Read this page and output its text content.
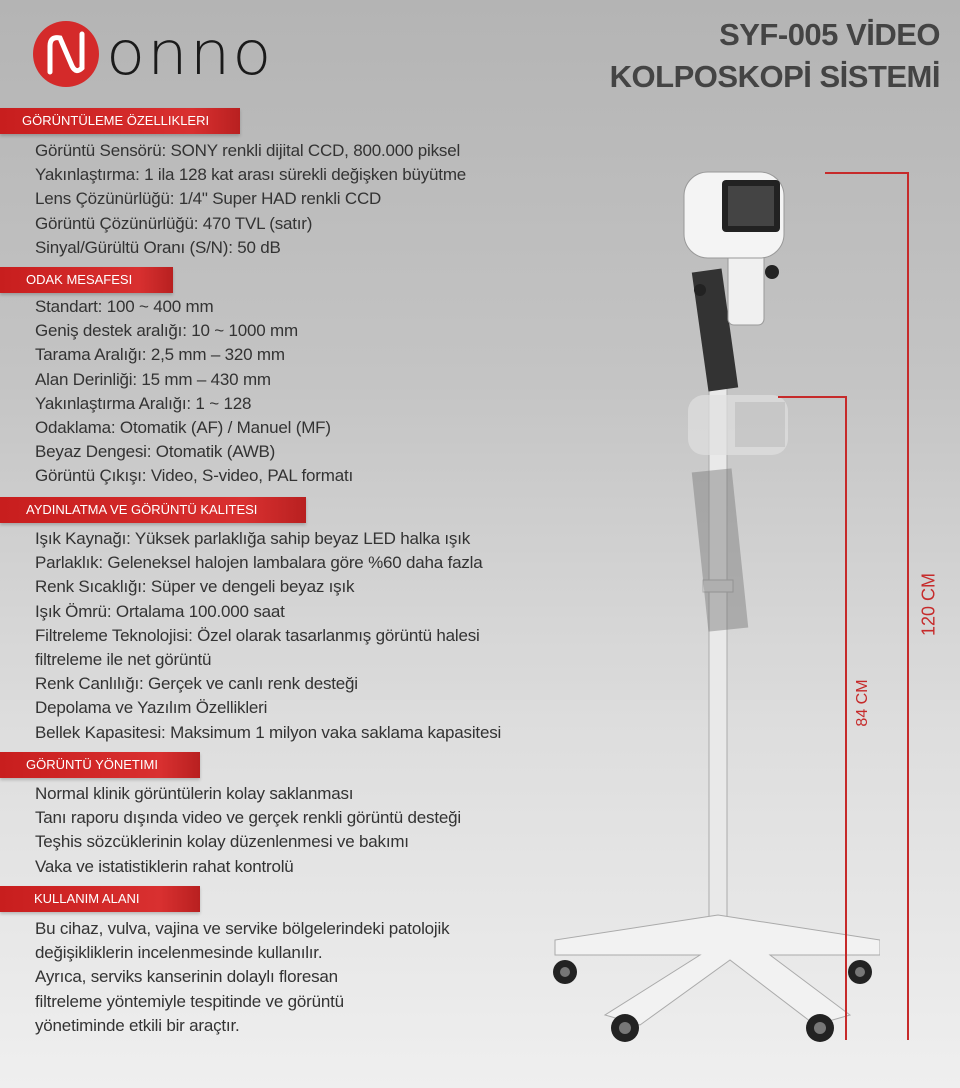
onno	SYF-005 VİDEO
KOLPOSKOPİ SİSTEMİ
GÖRÜNTÜLEME ÖZELLIKLERI
Görüntü Sensörü: SONY renkli dijital CCD, 800.000 piksel
Yakınlaştırma: 1 ila 128 kat arası sürekli değişken büyütme
Lens Çözünürlüğü: 1/4" Super HAD renkli CCD
Görüntü Çözünürlüğü: 470 TVL (satır)
Sinyal/Gürültü Oranı (S/N): 50 dB
ODAK MESAFESI
Standart: 100 ~ 400 mm
Geniş destek aralığı: 10 ~ 1000 mm
Tarama Aralığı: 2,5 mm – 320 mm
Alan Derinliği: 15 mm – 430 mm
Yakınlaştırma Aralığı: 1 ~ 128
Odaklama: Otomatik (AF) / Manuel (MF)
Beyaz Dengesi: Otomatik (AWB)
Görüntü Çıkışı: Video, S-video, PAL formatı
AYDINLATMA VE GÖRÜNTÜ KALITESI
Işık Kaynağı: Yüksek parlaklığa sahip beyaz LED halka ışık
Parlaklık: Geleneksel halojen lambalara göre %60 daha fazla
Renk Sıcaklığı: Süper ve dengeli beyaz ışık
Işık Ömrü: Ortalama 100.000 saat
Filtreleme Teknolojisi: Özel olarak tasarlanmış görüntü halesi
filtreleme ile net görüntü
Renk Canlılığı: Gerçek ve canlı renk desteği
Depolama ve Yazılım Özellikleri
Bellek Kapasitesi: Maksimum 1 milyon vaka saklama kapasitesi
GÖRÜNTÜ YÖNETIMI
Normal klinik görüntülerin kolay saklanması
Tanı raporu dışında video ve gerçek renkli görüntü desteği
Teşhis sözcüklerinin kolay düzenlenmesi ve bakımı
Vaka ve istatistiklerin rahat kontrolü
KULLANIM ALANI
Bu cihaz, vulva, vajina ve servike bölgelerindeki patolojik
değişikliklerin incelenmesinde kullanılır.
Ayrıca, serviks kanserinin dolaylı floresan
filtreleme yöntemiyle tespitinde ve görüntü
yönetiminde etkili bir araçtır.
120 CM
84 CM
